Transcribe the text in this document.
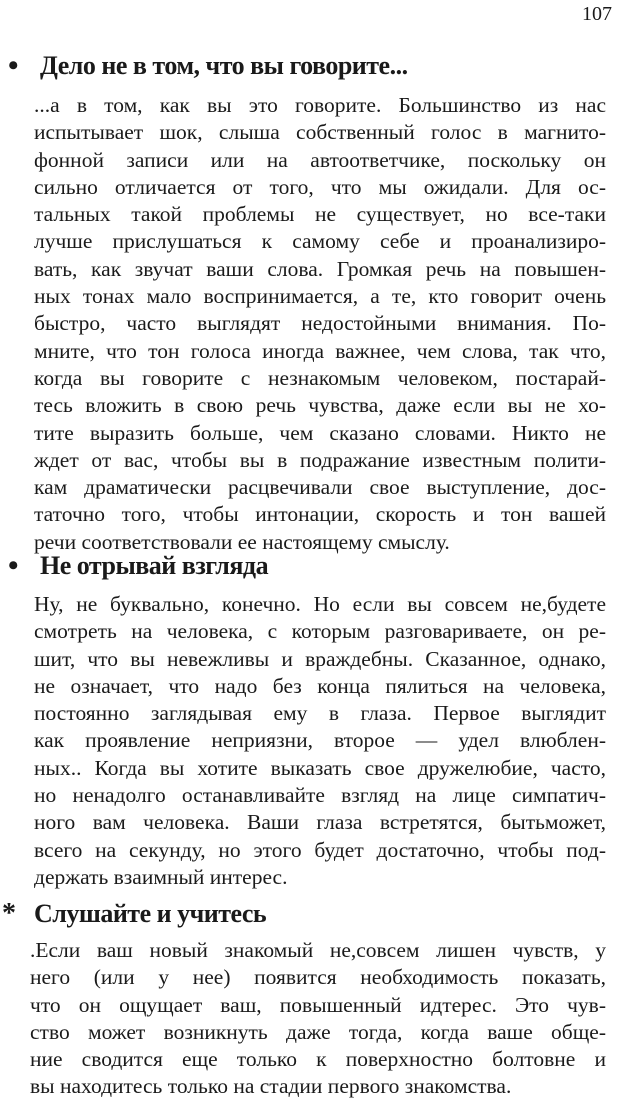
107
• Дело не в том, что вы говорите...
...а в том, как вы это говорите. Большинство из нас
испытывает шок, слыша собственный голос в магнито-
фонной записи или на автоответчике, поскольку он
сильно отличается от того, что мы ожидали. Для ос-
тальных такой проблемы не существует, но все-таки
лучше прислушаться к самому себе и проанализиро-
вать, как звучат ваши слова. Громкая речь на повышен-
ных тонах мало воспринимается, а те, кто говорит очень
быстро, часто выглядят недостойными внимания. По-
мните, что тон голоса иногда важнее, чем слова, так что,
когда вы говорите с незнакомым человеком, постарай-
тесь вложить в свою речь чувства, даже если вы не хо-
тите выразить больше, чем сказано словами. Никто не
ждет от вас, чтобы вы в подражание известным полити-
кам драматически расцвечивали свое выступление, дос-
таточно того, чтобы интонации, скорость и тон вашей
речи соответствовали ее настоящему смыслу.
• Не отрывай взгляда
Ну, не буквально, конечно. Но если вы совсем не,будете
смотреть на человека, с которым разговариваете, он ре-
шит, что вы невежливы и враждебны. Сказанное, однако,
не означает, что надо без конца пялиться на человека,
постоянно заглядывая ему в глаза. Первое выглядит
как проявление неприязни, второе — удел влюблен-
ных.. Когда вы хотите выказать свое дружелюбие, часто,
но ненадолго останавливайте взгляд на лице симпатич-
ного вам человека. Ваши глаза встретятся, бытьможет,
всего на секунду, но этого будет достаточно, чтобы под-
держать взаимный интерес.
* Слушайте и учитесь
.Если ваш новый знакомый не,совсем лишен чувств, у
него (или у нее) появится необходимость показать,
что он ощущает ваш, повышенный идтерес. Это чув-
ство может возникнуть даже тогда, когда ваше обще-
ние сводится еще только к поверхностно болтовне и
вы находитесь только на стадии первого знакомства.
